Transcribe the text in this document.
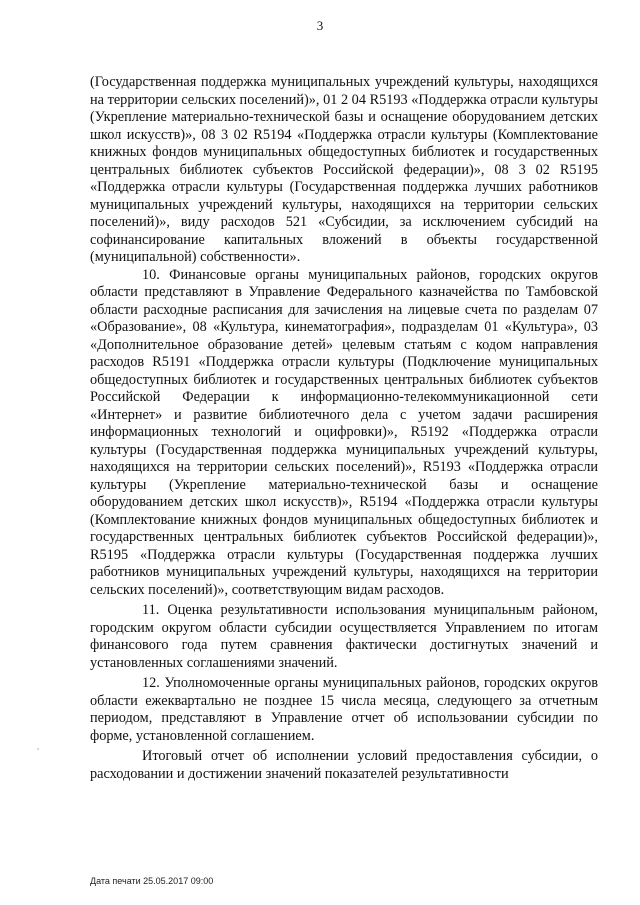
3

(Государственная поддержка муниципальных учреждений культуры, находящихся на территории сельских поселений)», 01 2 04 R5193 «Поддержка отрасли культуры (Укрепление материально-технической базы и оснащение оборудованием детских школ искусств)», 08 3 02 R5194 «Поддержка отрасли культуры (Комплектование книжных фондов муниципальных общедоступных библиотек и государственных центральных библиотек субъектов Российской федерации)», 08 3 02 R5195 «Поддержка отрасли культуры (Государственная поддержка лучших работников муниципальных учреждений культуры, находящихся на территории сельских поселений)», виду расходов 521 «Субсидии, за исключением субсидий на софинансирование капитальных вложений в объекты государственной (муниципальной) собственности».

10. Финансовые органы муниципальных районов, городских округов области представляют в Управление Федерального казначейства по Тамбовской области расходные расписания для зачисления на лицевые счета по разделам 07 «Образование», 08 «Культура, кинематография», подразделам 01 «Культура», 03 «Дополнительное образование детей» целевым статьям с кодом направления расходов R5191 «Поддержка отрасли культуры (Подключение муниципальных общедоступных библиотек и государственных центральных библиотек субъектов Российской Федерации к информационно-телекоммуникационной сети «Интернет» и развитие библиотечного дела с учетом задачи расширения информационных технологий и оцифровки)», R5192 «Поддержка отрасли культуры (Государственная поддержка муниципальных учреждений культуры, находящихся на территории сельских поселений)», R5193 «Поддержка отрасли культуры (Укрепление материально-технической базы и оснащение оборудованием детских школ искусств)», R5194 «Поддержка отрасли культуры (Комплектование книжных фондов муниципальных общедоступных библиотек и государственных центральных библиотек субъектов Российской федерации)», R5195 «Поддержка отрасли культуры (Государственная поддержка лучших работников муниципальных учреждений культуры, находящихся на территории сельских поселений)», соответствующим видам расходов.

11. Оценка результативности использования муниципальным районом, городским округом области субсидии осуществляется Управлением по итогам финансового года путем сравнения фактически достигнутых значений и установленных соглашениями значений.

12. Уполномоченные органы муниципальных районов, городских округов области ежеквартально не позднее 15 числа месяца, следующего за отчетным периодом, представляют в Управление отчет об использовании субсидии по форме, установленной соглашением.

Итоговый отчет об исполнении условий предоставления субсидии, о расходовании и достижении значений показателей результативности

Дата печати 25.05.2017 09:00
